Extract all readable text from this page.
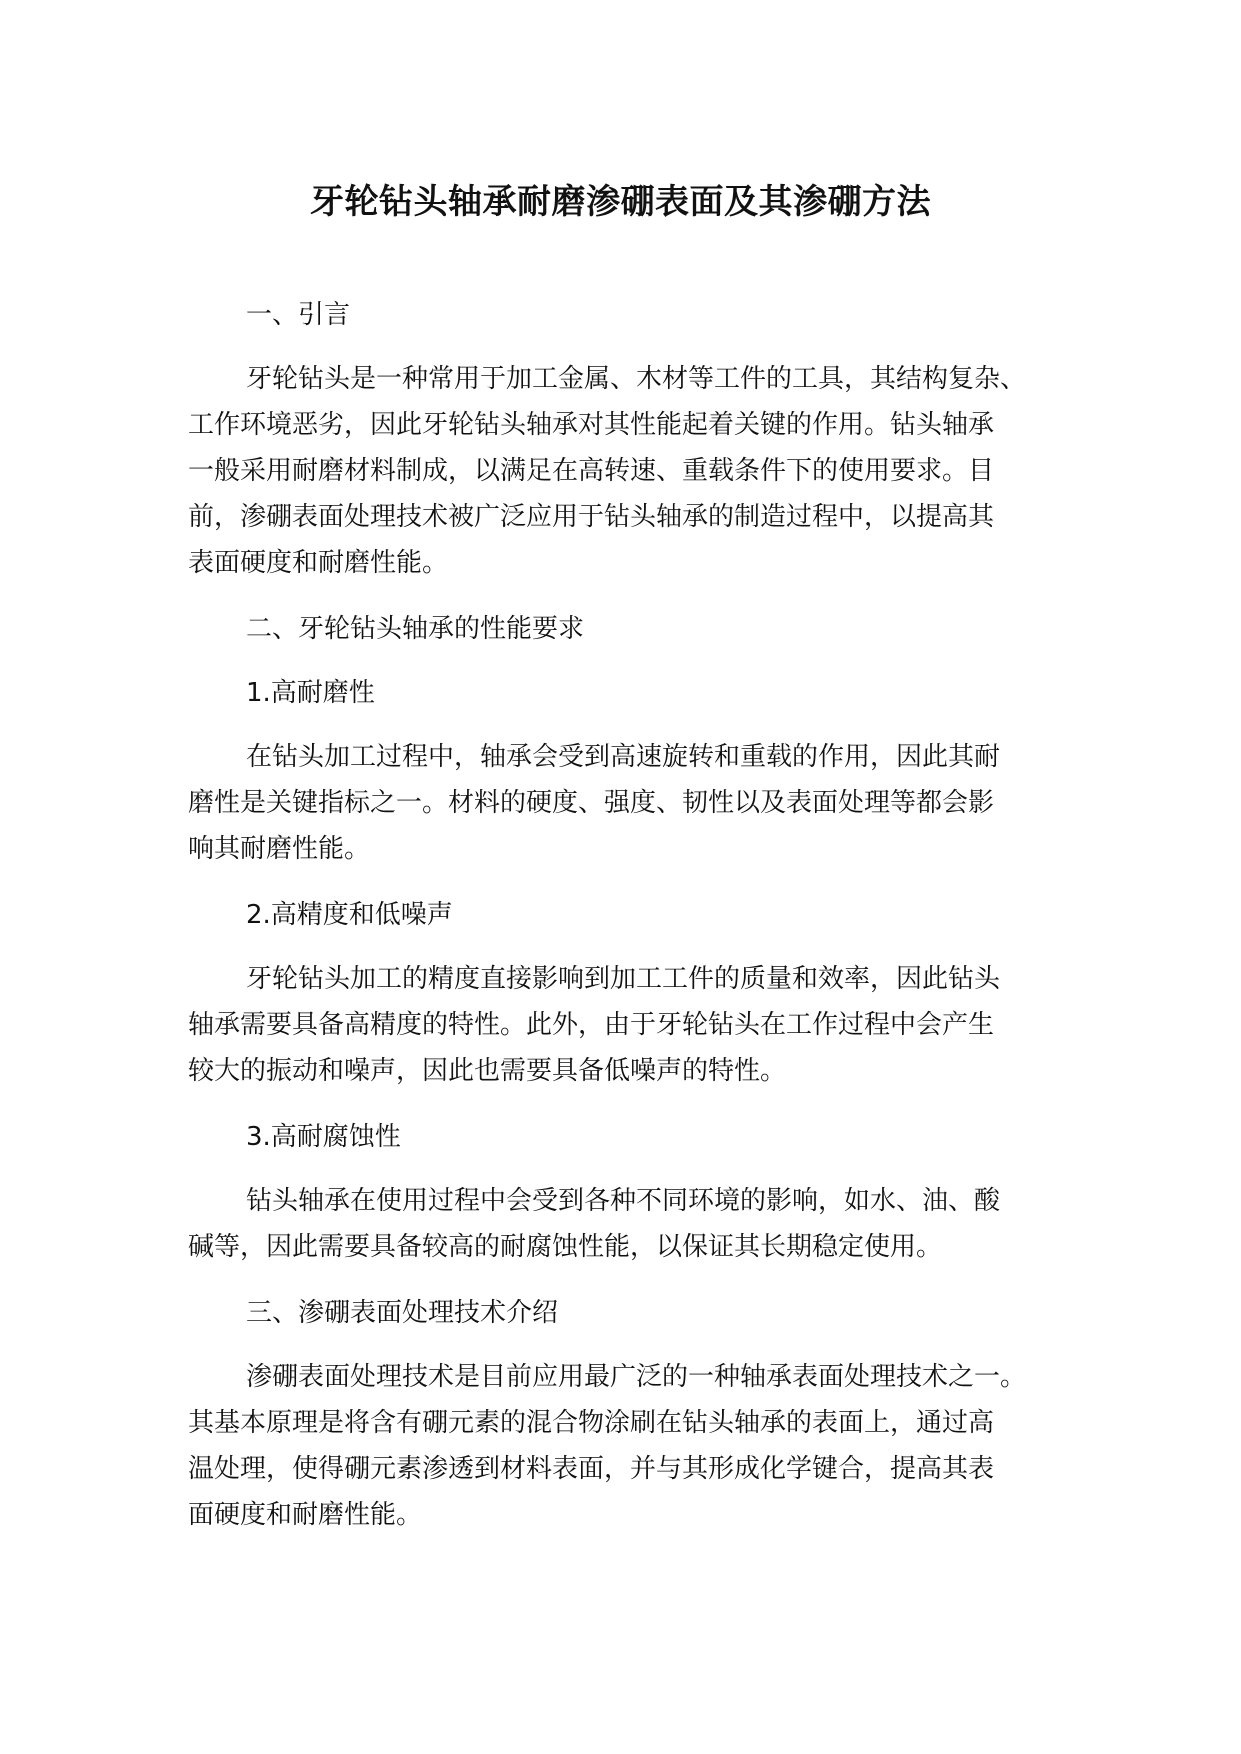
牙轮钻头轴承耐磨渗硼表面及其渗硼方法

一、引言

牙轮钻头是一种常用于加工金属、木材等工件的工具，其结构复杂、
工作环境恶劣，因此牙轮钻头轴承对其性能起着关键的作用。钻头轴承
一般采用耐磨材料制成，以满足在高转速、重载条件下的使用要求。目
前，渗硼表面处理技术被广泛应用于钻头轴承的制造过程中，以提高其
表面硬度和耐磨性能。

二、牙轮钻头轴承的性能要求

1.高耐磨性

在钻头加工过程中，轴承会受到高速旋转和重载的作用，因此其耐
磨性是关键指标之一。材料的硬度、强度、韧性以及表面处理等都会影
响其耐磨性能。

2.高精度和低噪声

牙轮钻头加工的精度直接影响到加工工件的质量和效率，因此钻头
轴承需要具备高精度的特性。此外，由于牙轮钻头在工作过程中会产生
较大的振动和噪声，因此也需要具备低噪声的特性。

3.高耐腐蚀性

钻头轴承在使用过程中会受到各种不同环境的影响，如水、油、酸
碱等，因此需要具备较高的耐腐蚀性能，以保证其长期稳定使用。

三、渗硼表面处理技术介绍

渗硼表面处理技术是目前应用最广泛的一种轴承表面处理技术之一。
其基本原理是将含有硼元素的混合物涂刷在钻头轴承的表面上，通过高
温处理，使得硼元素渗透到材料表面，并与其形成化学键合，提高其表
面硬度和耐磨性能。
